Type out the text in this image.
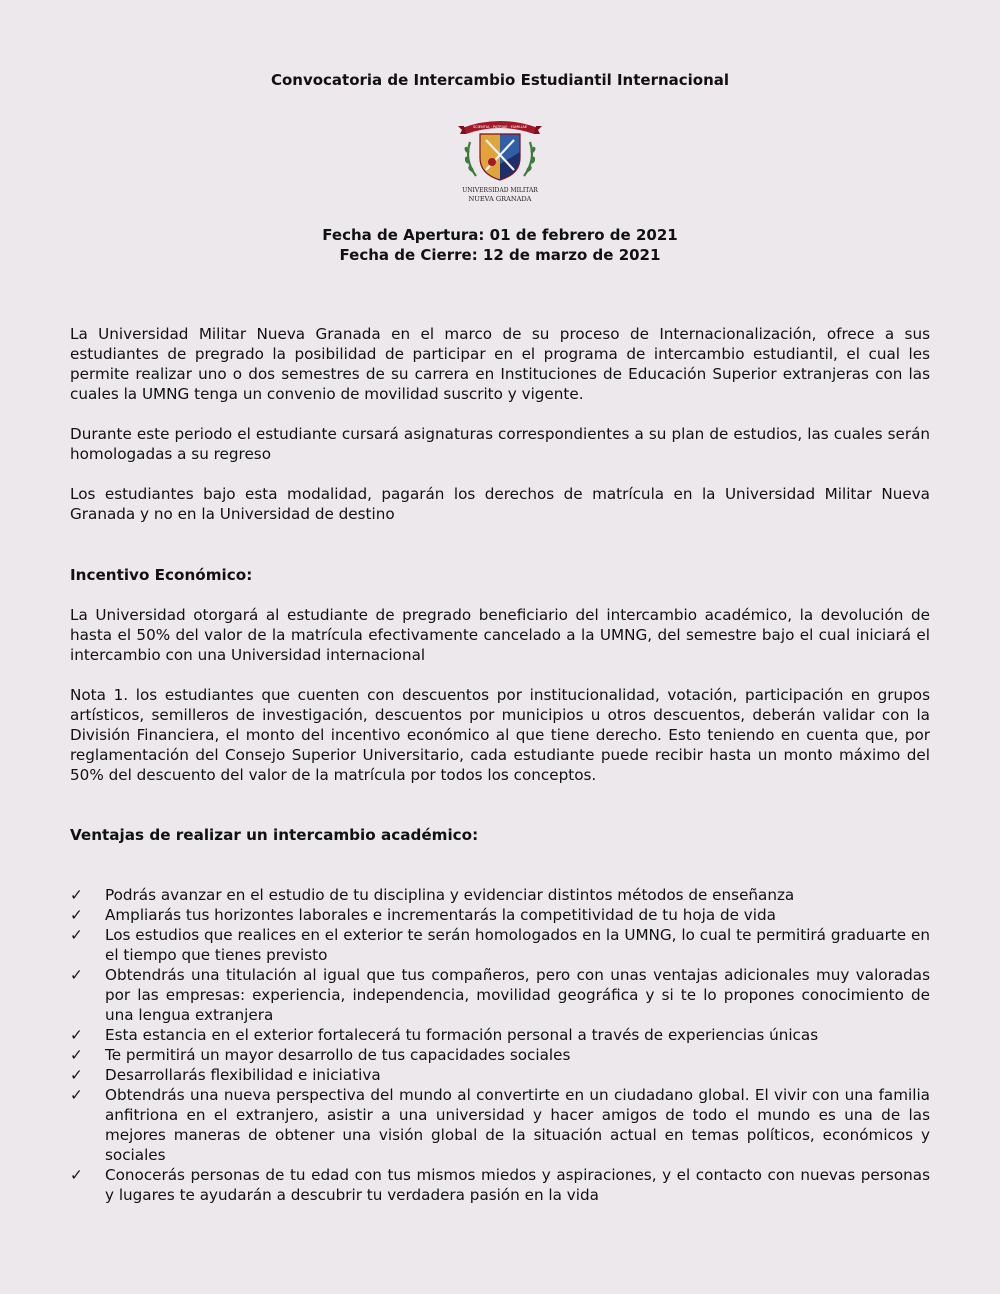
Convocatoria de Intercambio Estudiantil Internacional
SCIENTIA · PATRIAE · FAMILIAE
UNIVERSIDAD MILITAR
NUEVA GRANADA
Fecha de Apertura: 01 de febrero de 2021
Fecha de Cierre: 12 de marzo de 2021

La Universidad Militar Nueva Granada en el marco de su proceso de Internacionalización, ofrece a sus estudiantes de pregrado la posibilidad de participar en el programa de intercambio estudiantil, el cual les permite realizar uno o dos semestres de su carrera en Instituciones de Educación Superior extranjeras con las cuales la UMNG tenga un convenio de movilidad suscrito y vigente.

Durante este periodo el estudiante cursará asignaturas correspondientes a su plan de estudios, las cuales serán homologadas a su regreso

Los estudiantes bajo esta modalidad, pagarán los derechos de matrícula en la Universidad Militar Nueva Granada y no en la Universidad de destino

Incentivo Económico:

La Universidad otorgará al estudiante de pregrado beneficiario del intercambio académico, la devolución de hasta el 50% del valor de la matrícula efectivamente cancelado a la UMNG, del semestre bajo el cual iniciará el intercambio con una Universidad internacional

Nota 1. los estudiantes que cuenten con descuentos por institucionalidad, votación, participación en grupos artísticos, semilleros de investigación, descuentos por municipios u otros descuentos, deberán validar con la División Financiera, el monto del incentivo económico al que tiene derecho. Esto teniendo en cuenta que, por reglamentación del Consejo Superior Universitario, cada estudiante puede recibir hasta un monto máximo del 50% del descuento del valor de la matrícula por todos los conceptos.

Ventajas de realizar un intercambio académico:

✓ Podrás avanzar en el estudio de tu disciplina y evidenciar distintos métodos de enseñanza
✓ Ampliarás tus horizontes laborales e incrementarás la competitividad de tu hoja de vida
✓ Los estudios que realices en el exterior te serán homologados en la UMNG, lo cual te permitirá graduarte en el tiempo que tienes previsto
✓ Obtendrás una titulación al igual que tus compañeros, pero con unas ventajas adicionales muy valoradas por las empresas: experiencia, independencia, movilidad geográfica y si te lo propones conocimiento de una lengua extranjera
✓ Esta estancia en el exterior fortalecerá tu formación personal a través de experiencias únicas
✓ Te permitirá un mayor desarrollo de tus capacidades sociales
✓ Desarrollarás flexibilidad e iniciativa
✓ Obtendrás una nueva perspectiva del mundo al convertirte en un ciudadano global. El vivir con una familia anfitriona en el extranjero, asistir a una universidad y hacer amigos de todo el mundo es una de las mejores maneras de obtener una visión global de la situación actual en temas políticos, económicos y sociales
✓ Conocerás personas de tu edad con tus mismos miedos y aspiraciones, y el contacto con nuevas personas y lugares te ayudarán a descubrir tu verdadera pasión en la vida
